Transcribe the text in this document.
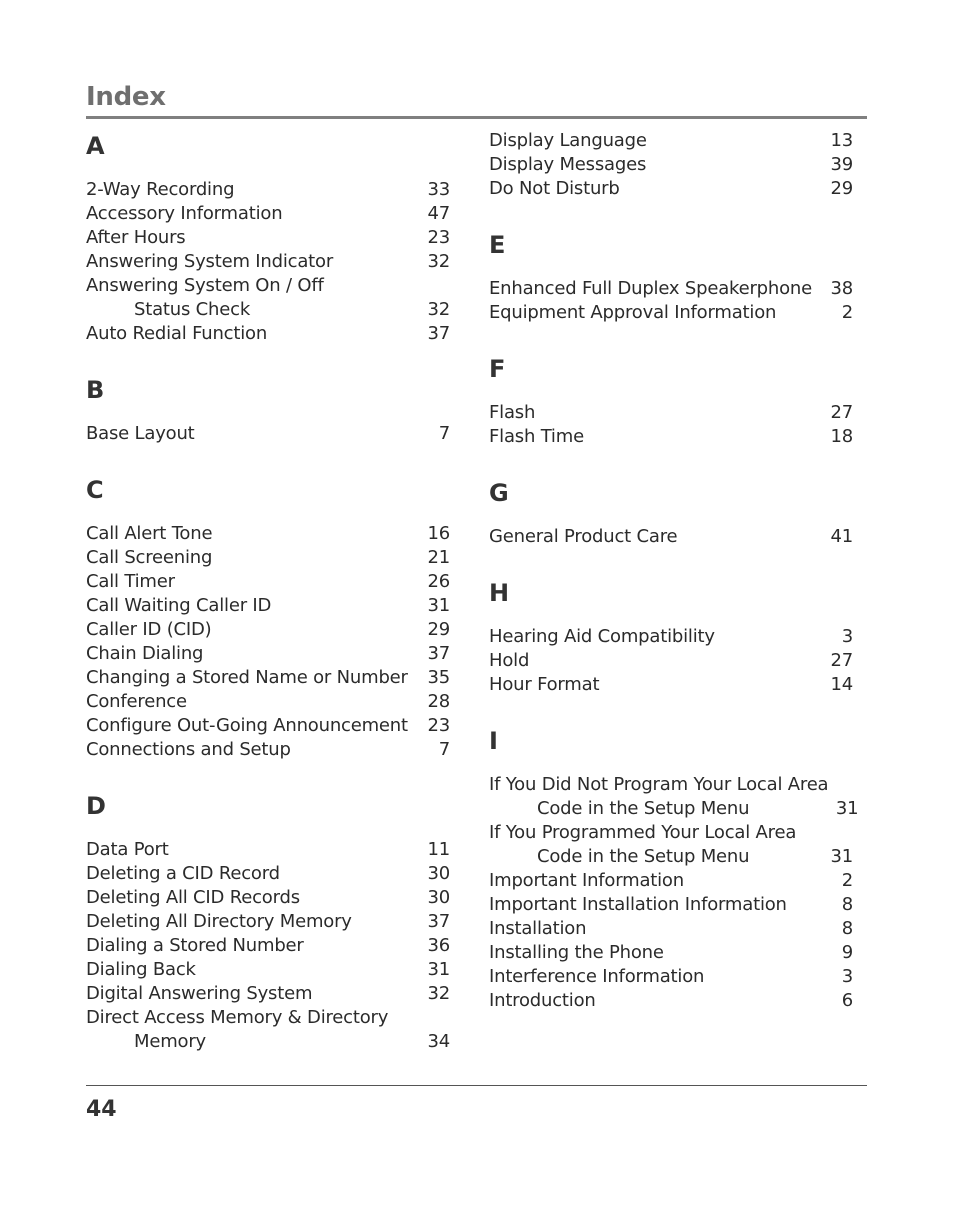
Index
A
2-Way Recording	33
Accessory Information	47
After Hours	23
Answering System Indicator	32
Answering System On / Off
Status Check	32
Auto Redial Function	37
B
Base Layout	7
C
Call Alert Tone	16
Call Screening	21
Call Timer	26
Call Waiting Caller ID	31
Caller ID (CID)	29
Chain Dialing	37
Changing a Stored Name or Number	35
Conference	28
Configure Out-Going Announcement	23
Connections and Setup	7
D
Data Port	11
Deleting a CID Record	30
Deleting All CID Records	30
Deleting All Directory Memory	37
Dialing a Stored Number	36
Dialing Back	31
Digital Answering System	32
Direct Access Memory & Directory
Memory	34
Display Language	13
Display Messages	39
Do Not Disturb	29
E
Enhanced Full Duplex Speakerphone	38
Equipment Approval Information	2
F
Flash	27
Flash Time	18
G
General Product Care	41
H
Hearing Aid Compatibility	3
Hold	27
Hour Format	14
I
If You Did Not Program Your Local Area
Code in the Setup Menu	31
If You Programmed Your Local Area
Code in the Setup Menu	31
Important Information	2
Important Installation Information	8
Installation	8
Installing the Phone	9
Interference Information	3
Introduction	6
44
